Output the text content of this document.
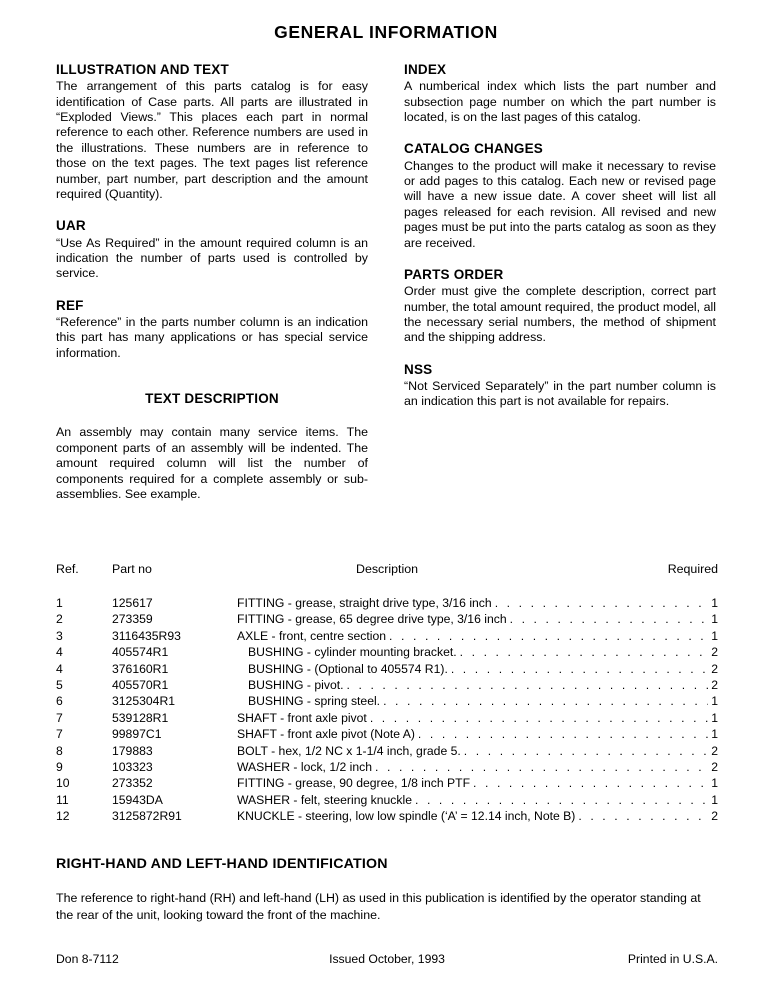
GENERAL INFORMATION
ILLUSTRATION AND TEXT

The arrangement of this parts catalog is for easy identification of Case parts. All parts are illustrated in “Exploded Views.” This places each part in normal reference to each other. Reference numbers are used in the illustrations. These numbers are in reference to those on the text pages. The text pages list reference number, part number, part description and the amount required (Quantity).

UAR

“Use As Required” in the amount required column is an indication the number of parts used is controlled by service.

REF

“Reference” in the parts number column is an indication this part has many applications or has special service information.

TEXT DESCRIPTION

An assembly may contain many service items. The component parts of an assembly will be indented. The amount required column will list the number of components required for a complete assembly or sub-assemblies. See example.

INDEX

A numberical index which lists the part number and subsection page number on which the part number is located, is on the last pages of this catalog.

CATALOG CHANGES

Changes to the product will make it necessary to revise or add pages to this catalog. Each new or revised page will have a new issue date. A cover sheet will list all pages released for each revision. All revised and new pages must be put into the parts catalog as soon as they are received.

PARTS ORDER

Order must give the complete description, correct part number, the total amount required, the product model, all the necessary serial numbers, the method of shipment and the shipping address.

NSS

“Not Serviced Separately” in the part number column is an indication this part is not available for repairs.

Ref.	Part no	Description	Required
1	125617	FITTING - grease, straight drive type, 3/16 inch . . .	1
2	273359	FITTING - grease, 65 degree drive type, 3/16 inch . . .	1
3	3116435R93	AXLE - front, centre section . . .	1
4	405574R1	BUSHING - cylinder mounting bracket. . . .	2
4	376160R1	BUSHING - (Optional to 405574 R1). . . .	2
5	405570R1	BUSHING - pivot. . . .	2
6	3125304R1	BUSHING - spring steel. . . .	1
7	539128R1	SHAFT - front axle pivot . . .	1
7	99897C1	SHAFT - front axle pivot (Note A) . . .	1
8	179883	BOLT - hex, 1/2 NC x 1-1/4 inch, grade 5. . . .	2
9	103323	WASHER - lock, 1/2 inch . . .	2
10	273352	FITTING - grease, 90 degree, 1/8 inch PTF . . .	1
11	15943DA	WASHER - felt, steering knuckle . . .	1
12	3125872R91	KNUCKLE - steering, low low spindle (‘A’ = 12.14 inch, Note B) . . .	2
RIGHT-HAND AND LEFT-HAND IDENTIFICATION
The reference to right-hand (RH) and left-hand (LH) as used in this publication is identified by the operator standing at the rear of the unit, looking toward the front of the machine.
Don 8-7112	Issued October, 1993	Printed in U.S.A.
